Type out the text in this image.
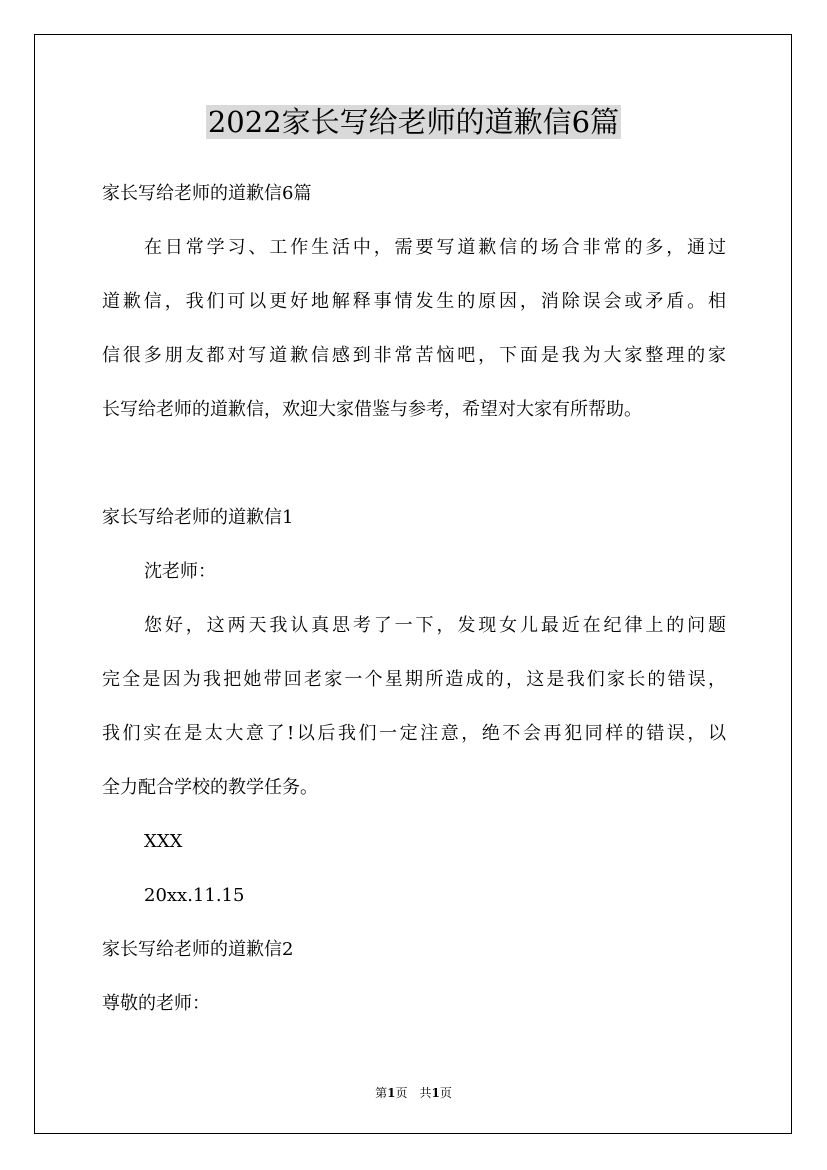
2022家长写给老师的道歉信6篇
家长写给老师的道歉信6篇
在日常学习、工作生活中，需要写道歉信的场合非常的多，通过
道歉信，我们可以更好地解释事情发生的原因，消除误会或矛盾。相
信很多朋友都对写道歉信感到非常苦恼吧，下面是我为大家整理的家
长写给老师的道歉信，欢迎大家借鉴与参考，希望对大家有所帮助。
家长写给老师的道歉信1
沈老师：
您好，这两天我认真思考了一下，发现女儿最近在纪律上的问题
完全是因为我把她带回老家一个星期所造成的，这是我们家长的错误，
我们实在是太大意了!以后我们一定注意，绝不会再犯同样的错误，以
全力配合学校的教学任务。
XXX
20xx.11.15
家长写给老师的道歉信2
尊敬的老师：
第1页　共1页
